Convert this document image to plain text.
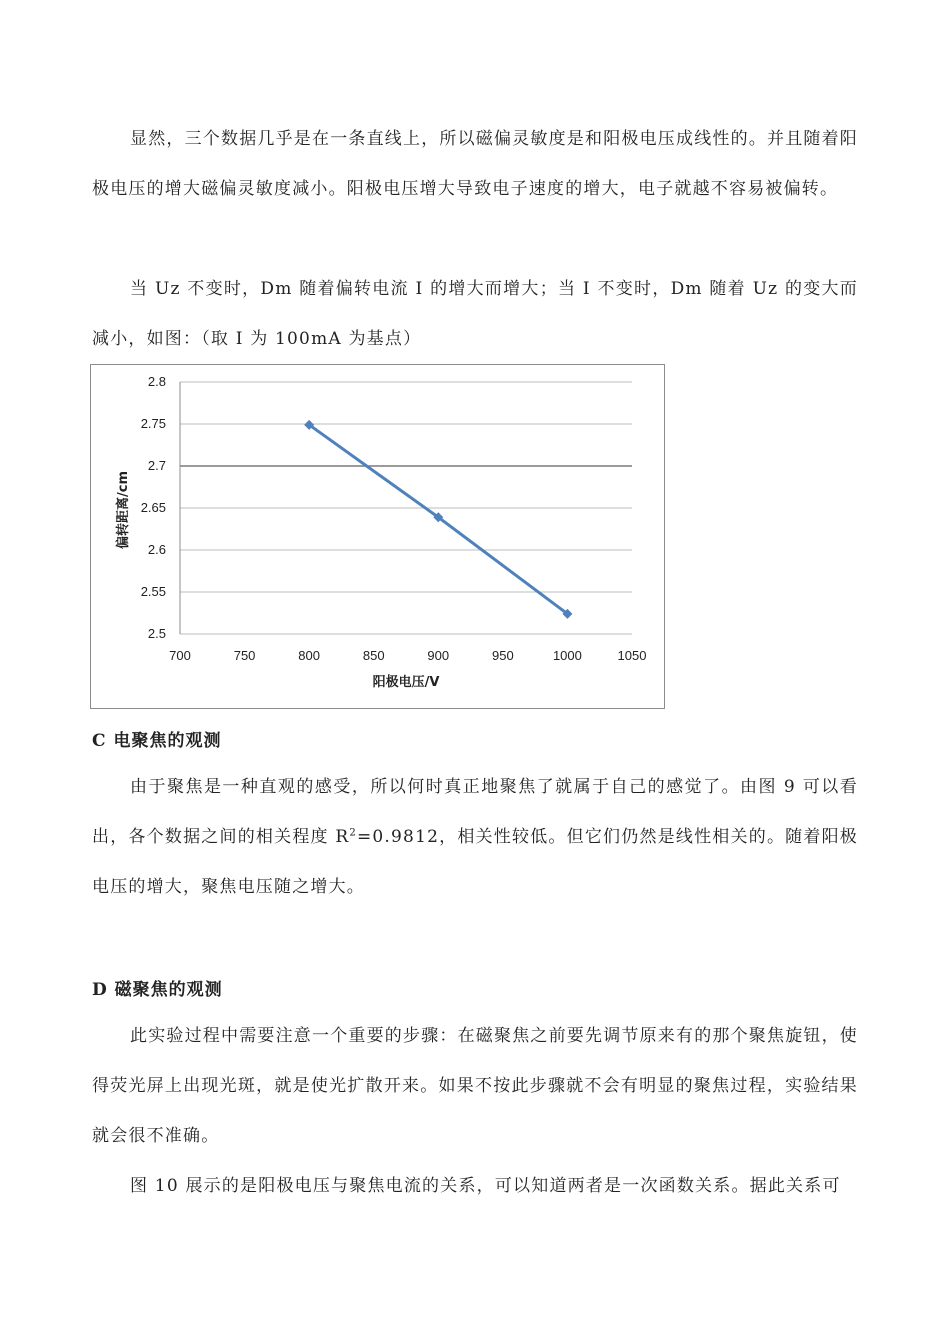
显然，三个数据几乎是在一条直线上，所以磁偏灵敏度是和阳极电压成线性的。并且随着阳极电压的增大磁偏灵敏度减小。阳极电压增大导致电子速度的增大，电子就越不容易被偏转。

当 Uz 不变时，Dm 随着偏转电流 I 的增大而增大；当 I 不变时，Dm 随着 Uz 的变大而减小，如图：（取 I 为 100mA 为基点）

2.5
2.55
2.6
2.65
2.7
2.75
2.8
700	750	800	850	900	950	1000	1050
阳极电压/V
偏转距离/cm

C 电聚焦的观测

由于聚焦是一种直观的感受，所以何时真正地聚焦了就属于自己的感觉了。由图 9 可以看出，各个数据之间的相关程度 $R^2=0.9812$，相关性较低。但它们仍然是线性相关的。随着阳极电压的增大，聚焦电压随之增大。

D 磁聚焦的观测

此实验过程中需要注意一个重要的步骤：在磁聚焦之前要先调节原来有的那个聚焦旋钮，使得荧光屏上出现光斑，就是使光扩散开来。如果不按此步骤就不会有明显的聚焦过程，实验结果就会很不准确。

图 10 展示的是阳极电压与聚焦电流的关系，可以知道两者是一次函数关系。据此关系可
